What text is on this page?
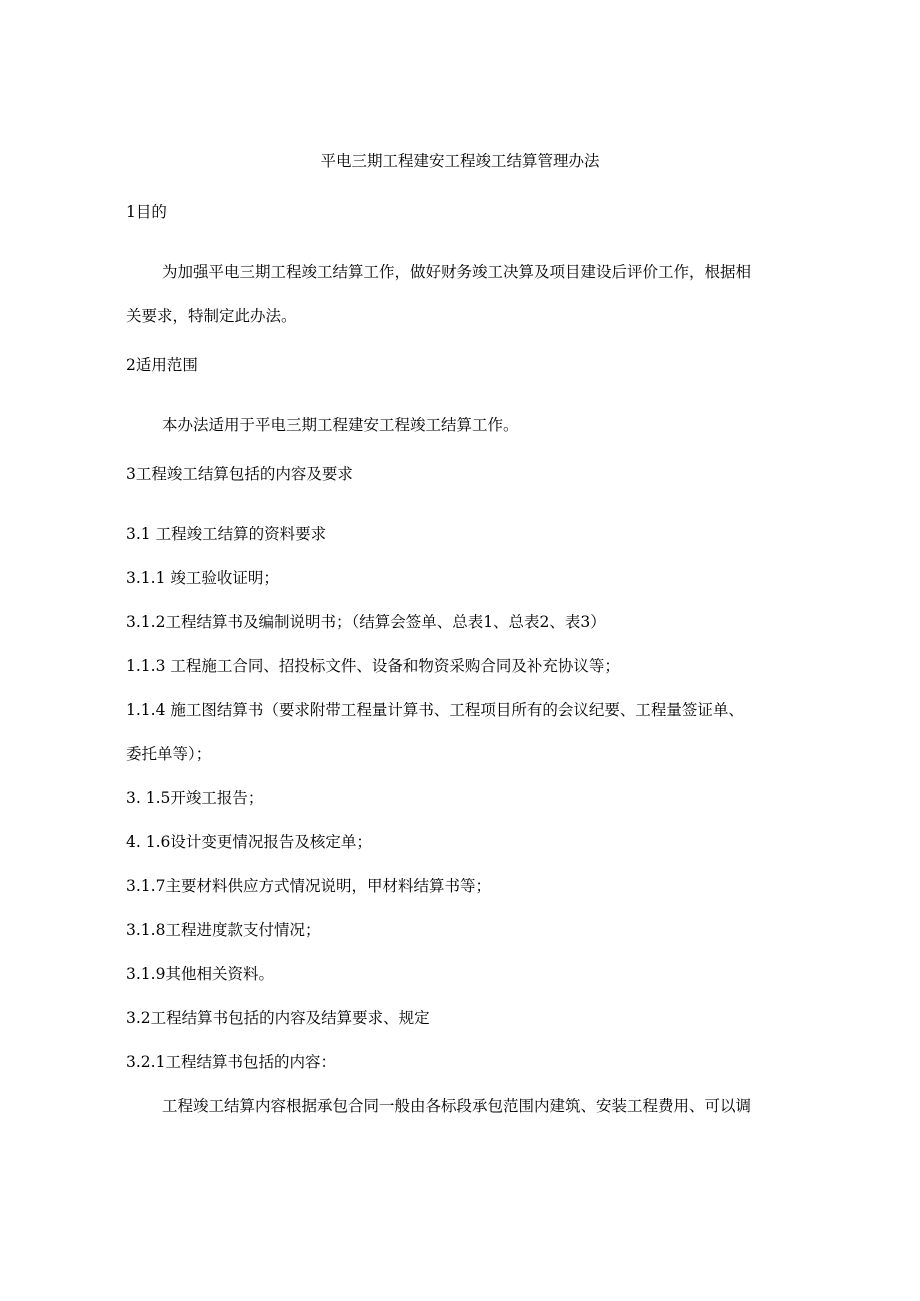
平电三期工程建安工程竣工结算管理办法
1目的
为加强平电三期工程竣工结算工作，做好财务竣工决算及项目建设后评价工作，根据相
关要求，特制定此办法。
2适用范围
本办法适用于平电三期工程建安工程竣工结算工作。
3工程竣工结算包括的内容及要求
3.1 工程竣工结算的资料要求
3.1.1 竣工验收证明；
3.1.2工程结算书及编制说明书；（结算会签单、总表1、总表2、表3）
1.1.3 工程施工合同、招投标文件、设备和物资采购合同及补充协议等；
1.1.4 施工图结算书（要求附带工程量计算书、工程项目所有的会议纪要、工程量签证单、
委托单等）；
3. 1.5开竣工报告；
4. 1.6设计变更情况报告及核定单；
3.1.7主要材料供应方式情况说明，甲材料结算书等；
3.1.8工程进度款支付情况；
3.1.9其他相关资料。
3.2工程结算书包括的内容及结算要求、规定
3.2.1工程结算书包括的内容：
工程竣工结算内容根据承包合同一般由各标段承包范围内建筑、安装工程费用、可以调
